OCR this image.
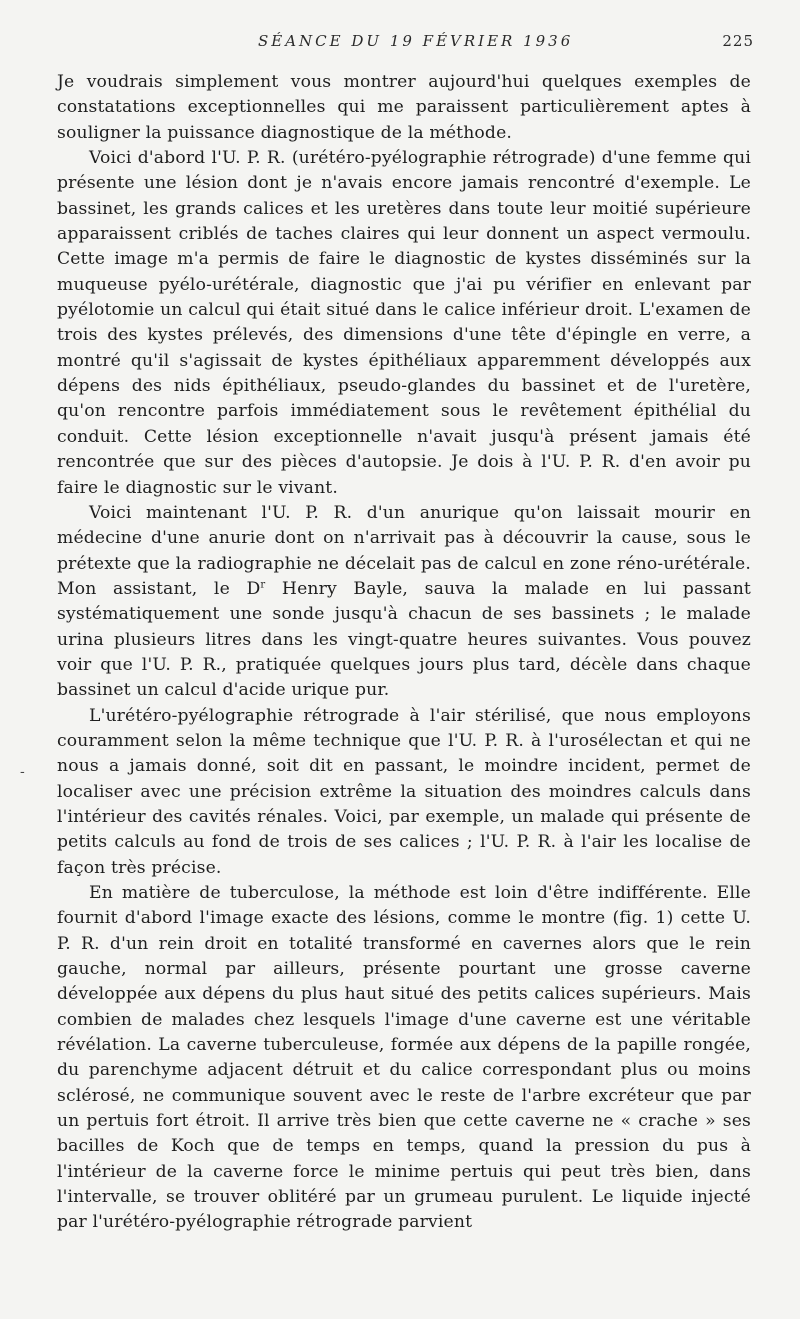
SÉANCE DU 19 FÉVRIER 1936	225
-

Je voudrais simplement vous montrer aujourd'hui quelques exemples de constatations exceptionnelles qui me paraissent particulièrement aptes à souligner la puissance diagnostique de la méthode.

Voici d'abord l'U. P. R. (urétéro-pyélographie rétrograde) d'une femme qui présente une lésion dont je n'avais encore jamais rencontré d'exemple. Le bassinet, les grands calices et les uretères dans toute leur moitié supérieure apparaissent criblés de taches claires qui leur donnent un aspect vermoulu. Cette image m'a permis de faire le diagnostic de kystes disséminés sur la muqueuse pyélo-urétérale, diagnostic que j'ai pu vérifier en enlevant par pyélotomie un calcul qui était situé dans le calice inférieur droit. L'examen de trois des kystes prélevés, des dimensions d'une tête d'épingle en verre, a montré qu'il s'agissait de kystes épithéliaux apparemment développés aux dépens des nids épithéliaux, pseudo-glandes du bassinet et de l'uretère, qu'on rencontre parfois immédiatement sous le revêtement épithélial du conduit. Cette lésion exceptionnelle n'avait jusqu'à présent jamais été rencontrée que sur des pièces d'autopsie. Je dois à l'U. P. R. d'en avoir pu faire le diagnostic sur le vivant.

Voici maintenant l'U. P. R. d'un anurique qu'on laissait mourir en médecine d'une anurie dont on n'arrivait pas à découvrir la cause, sous le prétexte que la radiographie ne décelait pas de calcul en zone réno-urétérale. Mon assistant, le $D^r$ Henry Bayle, sauva la malade en lui passant systématiquement une sonde jusqu'à chacun de ses bassinets ; le malade urina plusieurs litres dans les vingt-quatre heures suivantes. Vous pouvez voir que l'U. P. R., pratiquée quelques jours plus tard, décèle dans chaque bassinet un calcul d'acide urique pur.

L'urétéro-pyélographie rétrograde à l'air stérilisé, que nous employons couramment selon la même technique que l'U. P. R. à l'urosélectan et qui ne nous a jamais donné, soit dit en passant, le moindre incident, permet de localiser avec une précision extrême la situation des moindres calculs dans l'intérieur des cavités rénales. Voici, par exemple, un malade qui présente de petits calculs au fond de trois de ses calices ; l'U. P. R. à l'air les localise de façon très précise.

En matière de tuberculose, la méthode est loin d'être indifférente. Elle fournit d'abord l'image exacte des lésions, comme le montre (fig. 1) cette U. P. R. d'un rein droit en totalité transformé en cavernes alors que le rein gauche, normal par ailleurs, présente pourtant une grosse caverne développée aux dépens du plus haut situé des petits calices supérieurs. Mais combien de malades chez lesquels l'image d'une caverne est une véritable révélation. La caverne tuberculeuse, formée aux dépens de la papille rongée, du parenchyme adjacent détruit et du calice correspondant plus ou moins sclérosé, ne communique souvent avec le reste de l'arbre excréteur que par un pertuis fort étroit. Il arrive très bien que cette caverne ne « crache » ses bacilles de Koch que de temps en temps, quand la pression du pus à l'intérieur de la caverne force le minime pertuis qui peut très bien, dans l'intervalle, se trouver oblitéré par un grumeau purulent. Le liquide injecté par l'urétéro-pyélographie rétrograde parvient
